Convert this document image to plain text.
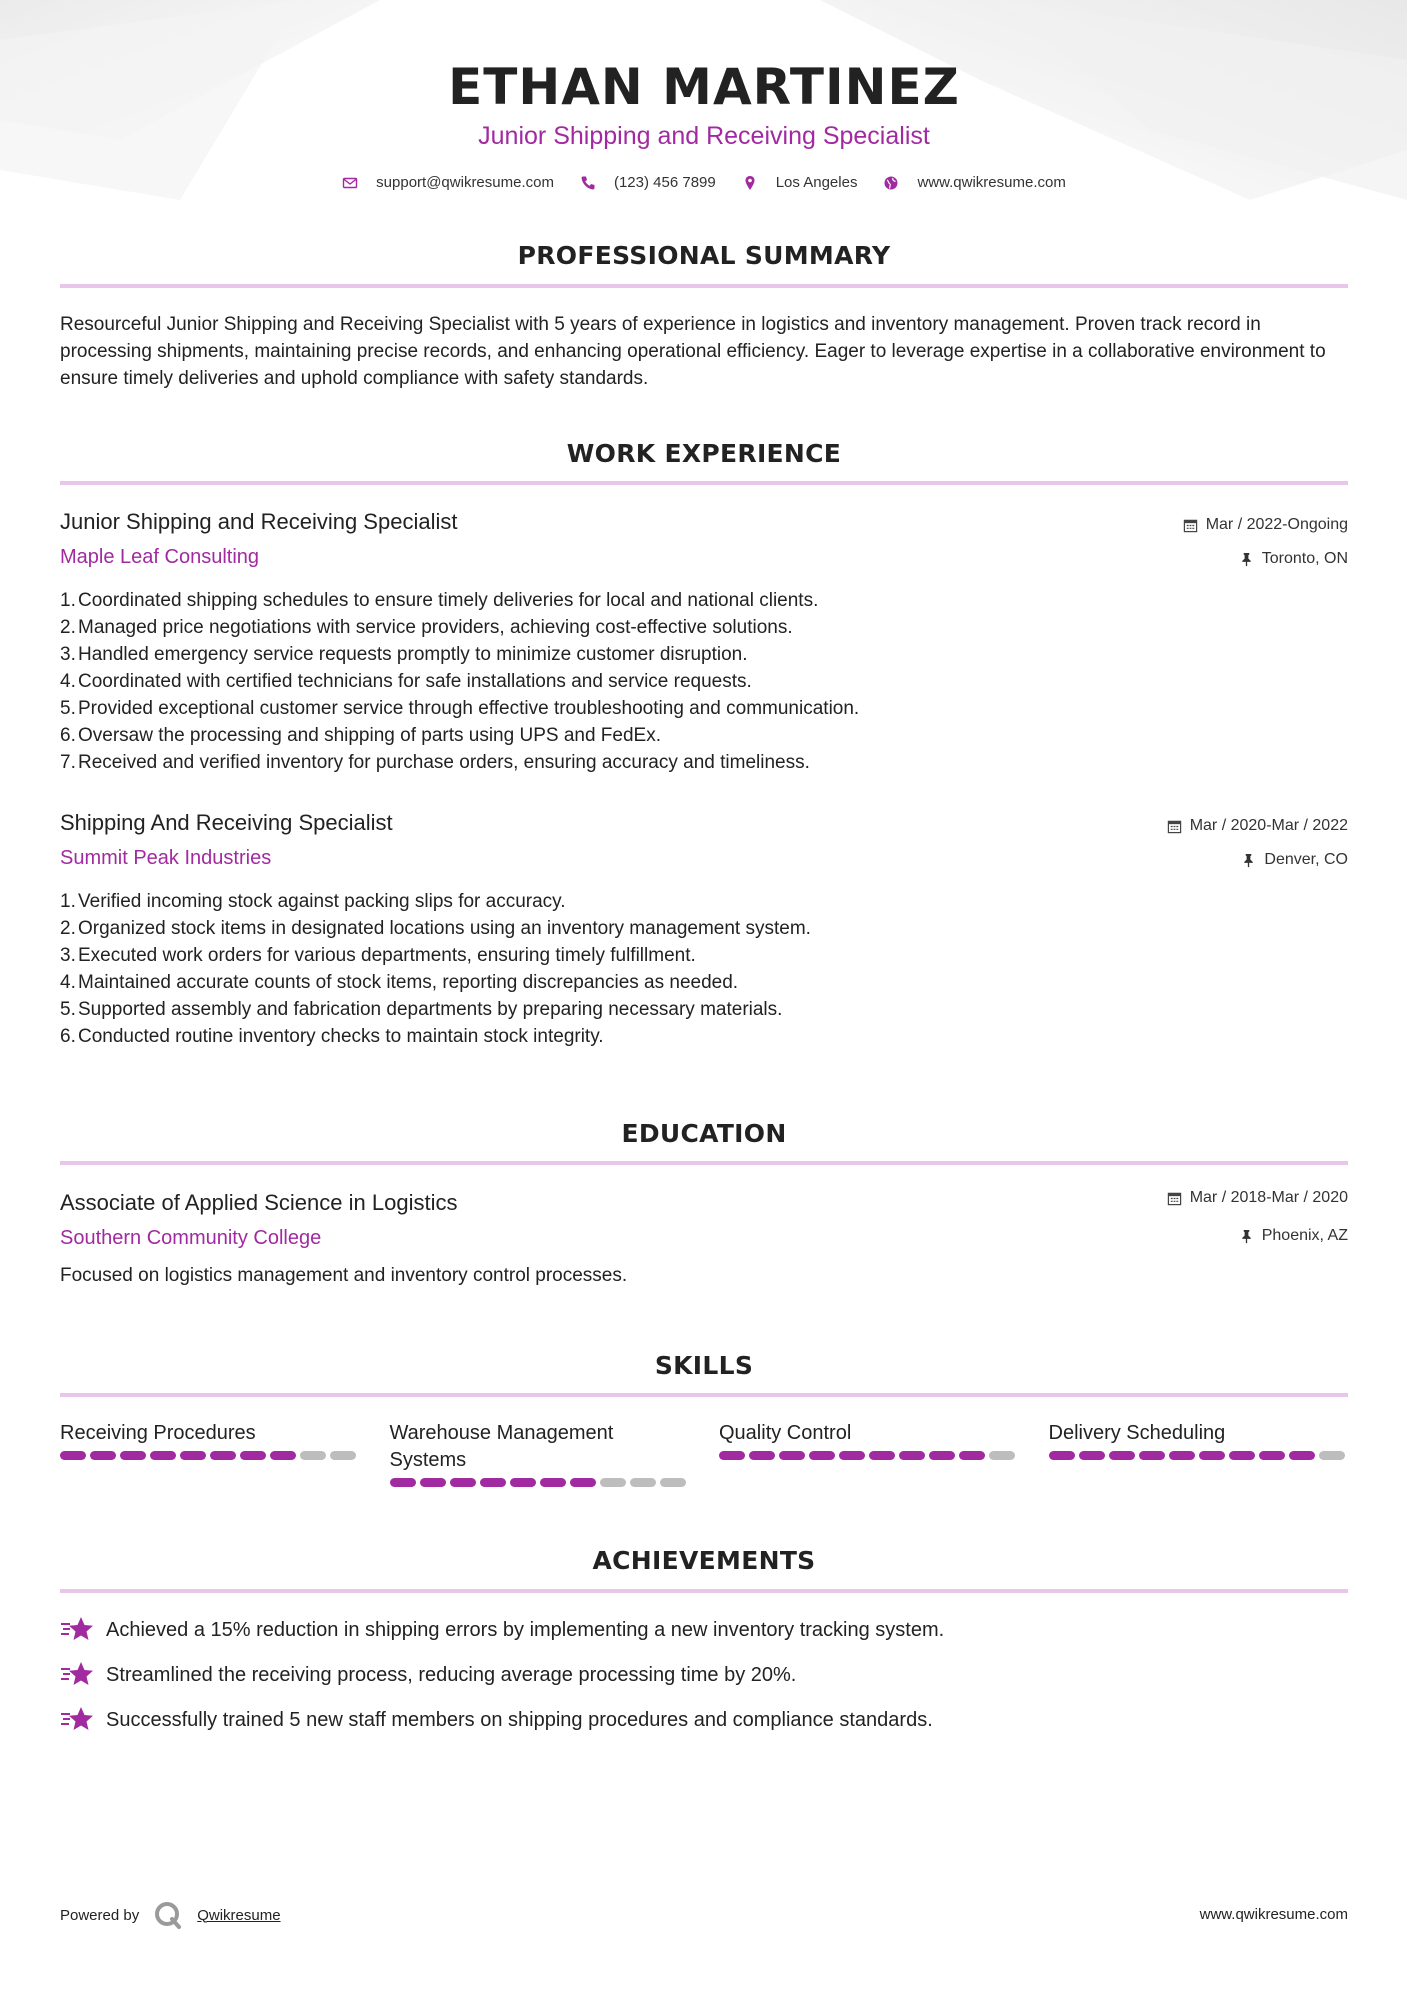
ETHAN MARTINEZ
Junior Shipping and Receiving Specialist
support@qwikresume.com	(123) 456 7899	Los Angeles	www.qwikresume.com
PROFESSIONAL SUMMARY
Resourceful Junior Shipping and Receiving Specialist with 5 years of experience in logistics and inventory management. Proven track record in processing shipments, maintaining precise records, and enhancing operational efficiency. Eager to leverage expertise in a collaborative environment to ensure timely deliveries and uphold compliance with safety standards.
WORK EXPERIENCE
Junior Shipping and Receiving Specialist
Maple Leaf Consulting
Mar / 2022-Ongoing
Toronto, ON
Coordinated shipping schedules to ensure timely deliveries for local and national clients.
Managed price negotiations with service providers, achieving cost-effective solutions.
Handled emergency service requests promptly to minimize customer disruption.
Coordinated with certified technicians for safe installations and service requests.
Provided exceptional customer service through effective troubleshooting and communication.
Oversaw the processing and shipping of parts using UPS and FedEx.
Received and verified inventory for purchase orders, ensuring accuracy and timeliness.
Shipping And Receiving Specialist
Summit Peak Industries
Mar / 2020-Mar / 2022
Denver, CO
Verified incoming stock against packing slips for accuracy.
Organized stock items in designated locations using an inventory management system.
Executed work orders for various departments, ensuring timely fulfillment.
Maintained accurate counts of stock items, reporting discrepancies as needed.
Supported assembly and fabrication departments by preparing necessary materials.
Conducted routine inventory checks to maintain stock integrity.
EDUCATION
Associate of Applied Science in Logistics
Southern Community College
Mar / 2018-Mar / 2020
Phoenix, AZ
Focused on logistics management and inventory control processes.
SKILLS
Receiving Procedures	Warehouse Management Systems
Quality Control	Delivery Scheduling
ACHIEVEMENTS
Achieved a 15% reduction in shipping errors by implementing a new inventory tracking system.
Streamlined the receiving process, reducing average processing time by 20%.
Successfully trained 5 new staff members on shipping procedures and compliance standards.
Powered by	Qwikresume	www.qwikresume.com
